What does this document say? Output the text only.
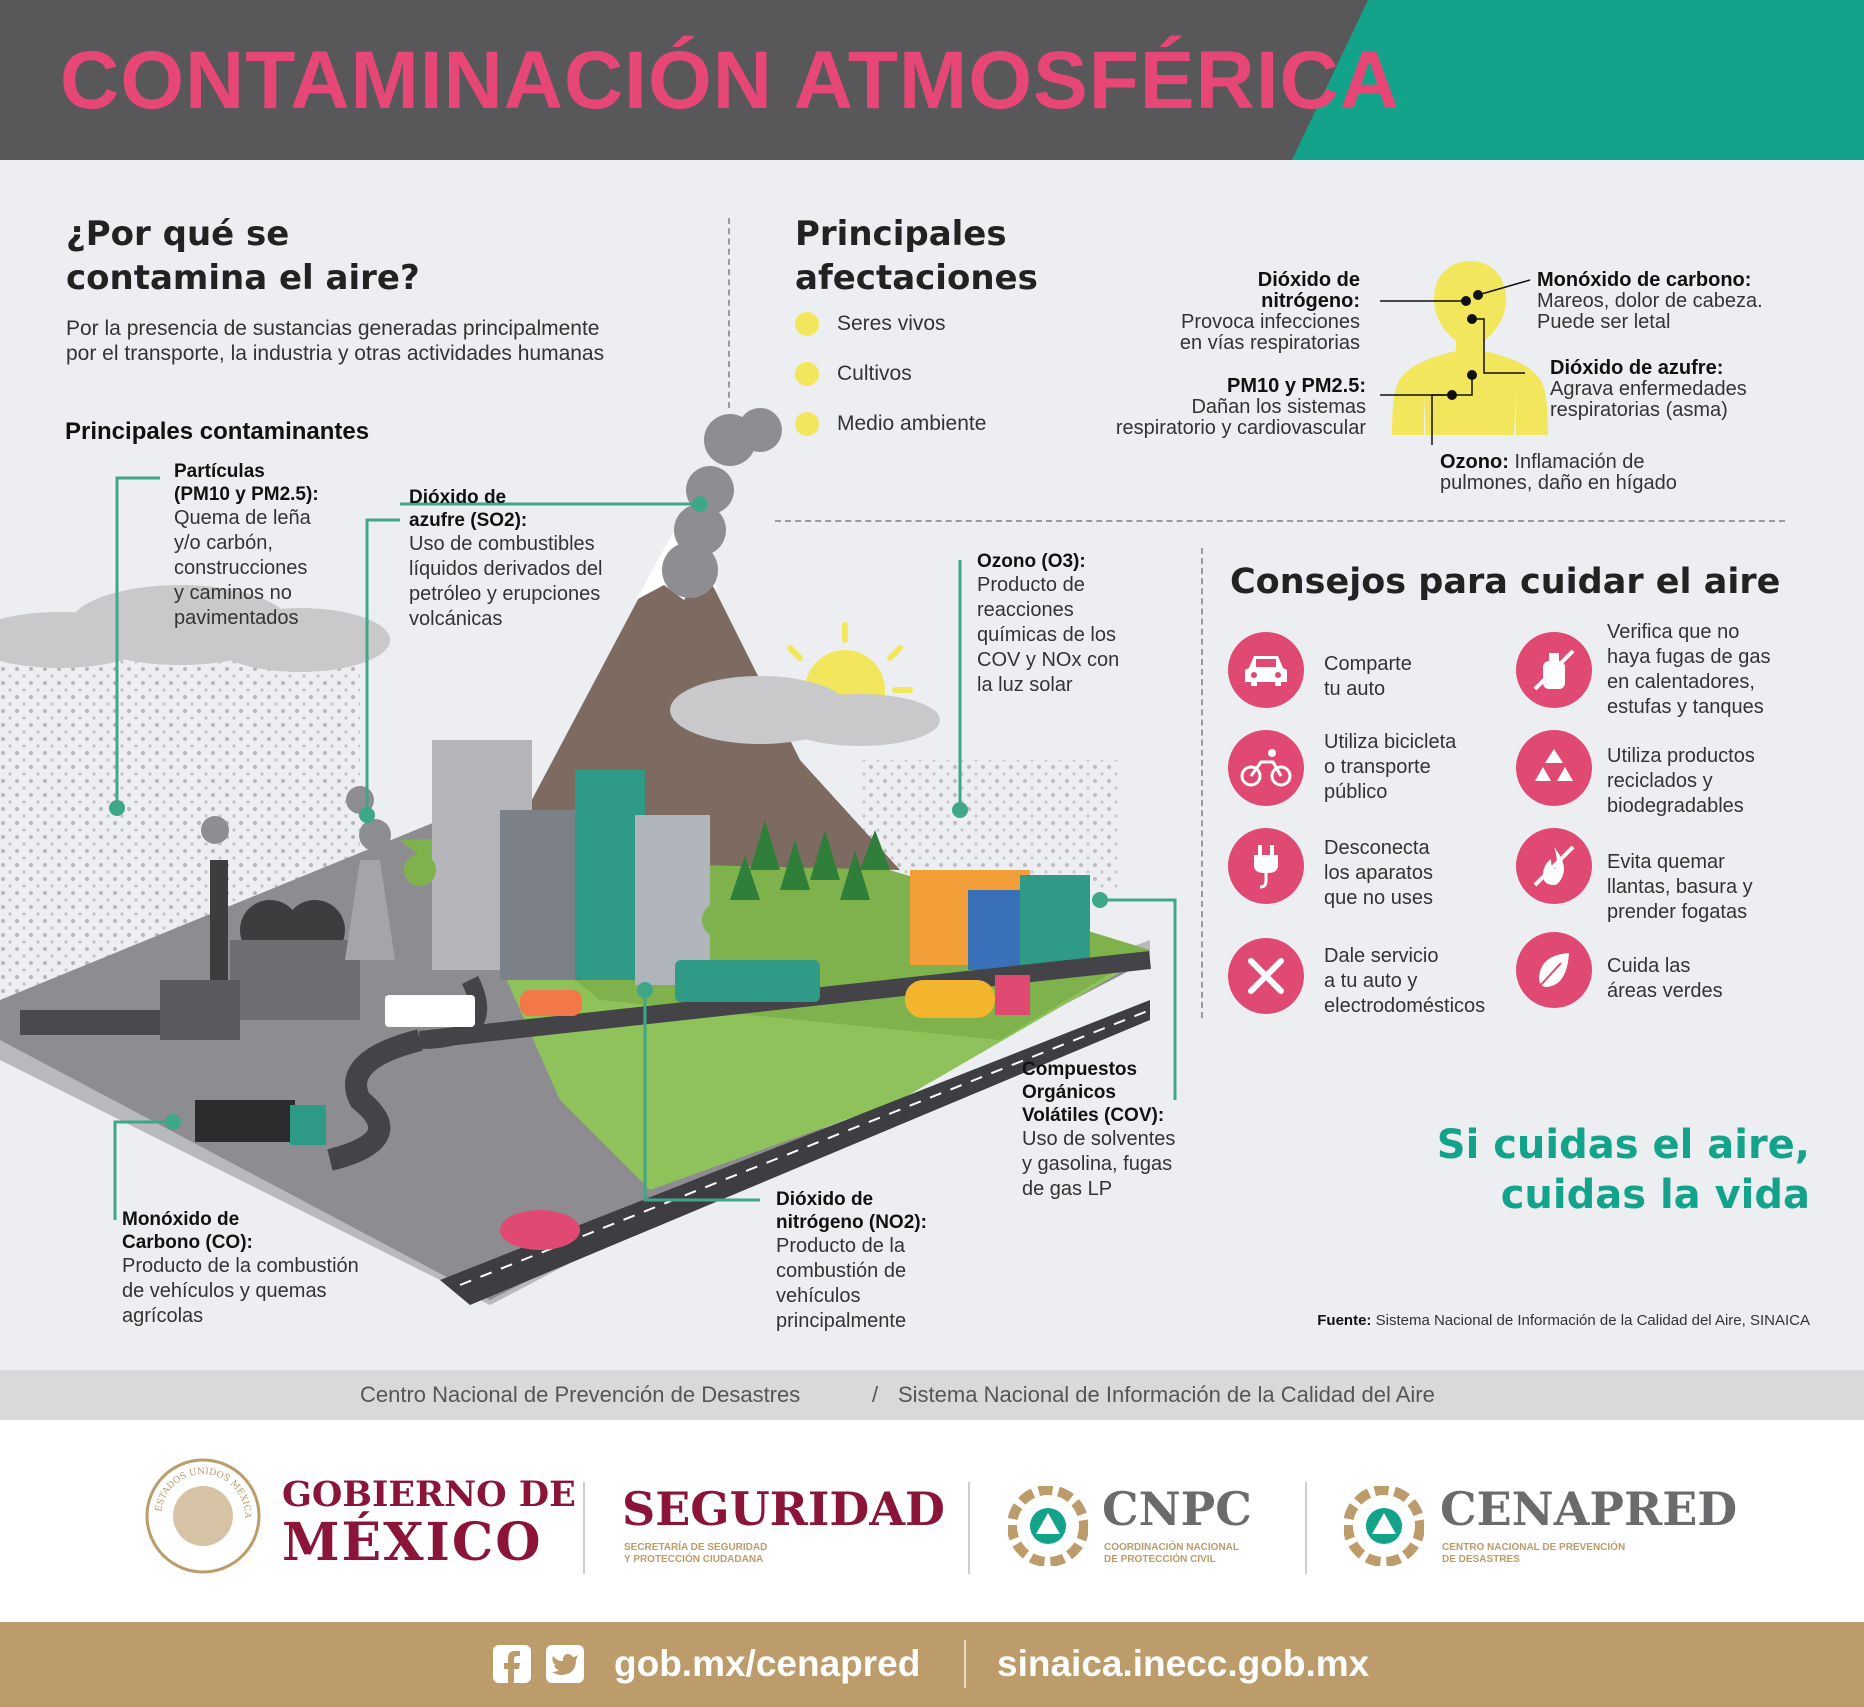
CONTAMINACIÓN ATMOSFÉRICA
¿Por qué se
contamina el aire?
Por la presencia de sustancias generadas principalmente
por el transporte, la industria y otras actividades humanas
Principales
afectaciones
Seres vivos
Cultivos
Medio ambiente
Dióxido de
nitrógeno:
Provoca infecciones
en vías respiratorias
PM10 y PM2.5:
Dañan los sistemas
respiratorio y cardiovascular
Monóxido de carbono:
Mareos, dolor de cabeza.
Puede ser letal
Dióxido de azufre:
Agrava enfermedades
respiratorias (asma)
Ozono: Inflamación de
pulmones, daño en hígado
Principales contaminantes
Partículas
(PM10 y PM2.5):
Quema de leña
y/o carbón,
construcciones
y caminos no
pavimentados
Dióxido de
azufre (SO2):
Uso de combustibles
líquidos derivados del
petróleo y erupciones
volcánicas
Ozono (O3):
Producto de
reacciones
químicas de los
COV y NOx con
la luz solar
Compuestos
Orgánicos
Volátiles (COV):
Uso de solventes
y gasolina, fugas
de gas LP
Dióxido de
nitrógeno (NO2):
Producto de la
combustión de
vehículos
principalmente
Monóxido de
Carbono (CO):
Producto de la combustión
de vehículos y quemas
agrícolas
Consejos para cuidar el aire
Comparte
tu auto
Utiliza bicicleta
o transporte
público
Desconecta
los aparatos
que no uses
Dale servicio
a tu auto y
electrodomésticos
Verifica que no
haya fugas de gas
en calentadores,
estufas y tanques
Utiliza productos
reciclados y
biodegradables
Evita quemar
llantas, basura y
prender fogatas
Cuida las
áreas verdes
Si cuidas el aire,
cuidas la vida
Fuente: Sistema Nacional de Información de la Calidad del Aire, SINAICA
Centro Nacional de Prevención de Desastres	/ Sistema Nacional de Información de la Calidad del Aire
ESTADOS UNIDOS MEXICA
GOBIERNO DE
MÉXICO
SEGURIDAD
SECRETARÍA DE SEGURIDAD
Y PROTECCIÓN CIUDADANA
CNPC
COORDINACIÓN NACIONAL
DE PROTECCIÓN CIVIL
CENAPRED
CENTRO NACIONAL DE PREVENCIÓN
DE DESASTRES
gob.mx/cenapred sinaica.inecc.gob.mx
